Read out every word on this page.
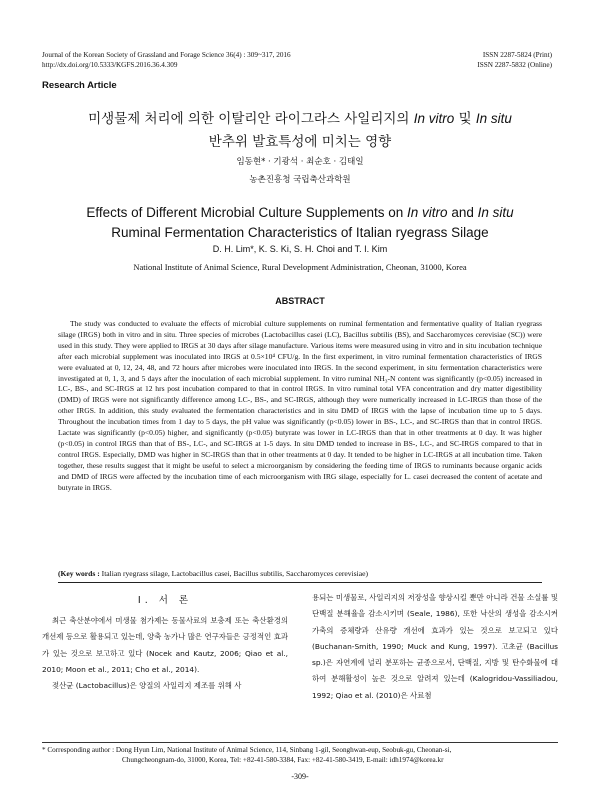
Journal of the Korean Society of Grassland and Forage Science 36(4) : 309~317, 2016
http://dx.doi.org/10.5333/KGFS.2016.36.4.309
ISSN 2287-5824 (Print)
ISSN 2287-5832 (Online)
Research Article
미생물제 처리에 의한 이탈리안 라이그라스 사일리지의 In vitro 및 In situ
반추위 발효특성에 미치는 영향
임동현* · 기광석 · 최순호 · 김태일
농촌진흥청 국립축산과학원
Effects of Different Microbial Culture Supplements on In vitro and In situ
Ruminal Fermentation Characteristics of Italian ryegrass Silage
D. H. Lim*, K. S. Ki, S. H. Choi and T. I. Kim
National Institute of Animal Science, Rural Development Administration, Cheonan, 31000, Korea
ABSTRACT

The study was conducted to evaluate the effects of microbial culture supplements on ruminal fermentation and fermentative quality of Italian ryegrass silage (IRGS) both in vitro and in situ. Three species of microbes (Lactobacillus casei (LC), Bacillus subtilis (BS), and Saccharomyces cerevisiae (SC)) were used in this study. They were applied to IRGS at 30 days after silage manufacture. Various items were measured using in vitro and in situ incubation technique after each microbial supplement was inoculated into IRGS at 0.5×10⁴ CFU/g. In the first experiment, in vitro ruminal fermentation characteristics of IRGS were evaluated at 0, 12, 24, 48, and 72 hours after microbes were inoculated into IRGS. In the second experiment, in situ fermentation characteristics were investigated at 0, 1, 3, and 5 days after the inoculation of each microbial supplement. In vitro ruminal NH₃-N content was significantly (p<0.05) increased in LC-, BS-, and SC-IRGS at 12 hrs post incubation compared to that in control IRGS. In vitro ruminal total VFA concentration and dry matter digestibility (DMD) of IRGS were not significantly difference among LC-, BS-, and SC-IRGS, although they were numerically increased in LC-IRGS than those of the other IRGS. In addition, this study evaluated the fermentation characteristics and in situ DMD of IRGS with the lapse of incubation time up to 5 days. Throughout the incubation times from 1 day to 5 days, the pH value was significantly (p<0.05) lower in BS-, LC-, and SC-IRGS than that in control IRGS. Lactate was significantly (p<0.05) higher, and significantly (p<0.05) butyrate was lower in LC-IRGS than that in other treatments at 0 day. It was higher (p<0.05) in control IRGS than that of BS-, LC-, and SC-IRGS at 1-5 days. In situ DMD tended to increase in BS-, LC-, and SC-IRGS compared to that in control IRGS. Especially, DMD was higher in SC-IRGS than that in other treatments at 0 day. It tended to be higher in LC-IRGS at all incubation time. Taken together, these results suggest that it might be useful to select a microorganism by considering the feeding time of IRGS to ruminants because organic acids and DMD of IRGS were affected by the incubation time of each microorganism with IRG silage, especially for L. casei decreased the content of acetate and butyrate in IRGS.

(Key words : Italian ryegrass silage, Lactobacillus casei, Bacillus subtilis, Saccharomyces cerevisiae)
Ⅰ. 서 론

최근 축산분야에서 미생물 첨가제는 동물사료의 보충제 또는 축산환경의 개선제 등으로 활용되고 있는데, 양축 농가나 많은 연구자들은 긍정적인 효과가 있는 것으로 보고하고 있다 (Nocek and Kautz, 2006; Qiao et al., 2010; Moon et al., 2011; Cho et al., 2014).

젖산균 (Lactobacillus)은 양질의 사일리지 제조를 위해 사

용되는 미생물로, 사일리지의 저장성을 향상시킬 뿐만 아니라 건물 소실률 및 단백질 분해율을 감소시키며 (Seale, 1986), 또한 낙산의 생성을 감소시켜 가축의 증체량과 산유량 개선에 효과가 있는 것으로 보고되고 있다 (Buchanan-Smith, 1990; Muck and Kung, 1997). 고초균 (Bacillus sp.)은 자연계에 널리 분포하는 균종으로서, 단백질, 지방 및 탄수화물에 대하여 분해활성이 높은 것으로 알려져 있는데 (Kalogridou-Vassiliadou, 1992; Qiao et al. (2010)은 사료첨

* Corresponding author : Dong Hyun Lim, National Institute of Animal Science, 114, Sinbang 1-gil, Seonghwan-eup, Seobuk-gu, Cheonan-si,
Chungcheongnam-do, 31000, Korea, Tel: +82-41-580-3384, Fax: +82-41-580-3419, E-mail: idh1974@korea.kr
-309-
